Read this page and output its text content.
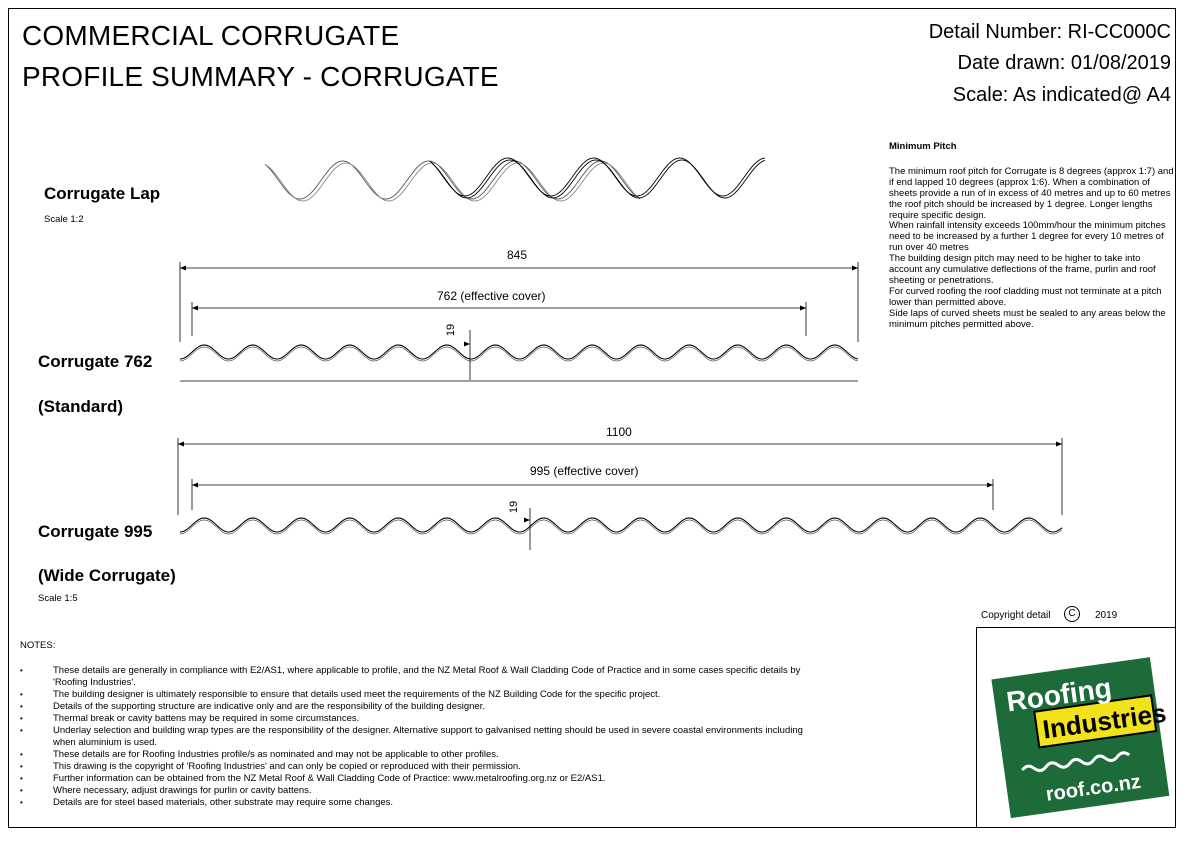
COMMERCIAL CORRUGATE
PROFILE SUMMARY - CORRUGATE
Detail Number: RI-CC000C
Date drawn: 01/08/2019
Scale: As indicated@ A4
Corrugate Lap
Scale 1:2
Corrugate 762
(Standard)
Corrugate 995
(Wide Corrugate)
Scale 1:5
845
762 (effective cover)
1100
995 (effective cover)
19
19
Minimum Pitch

The minimum roof pitch for Corrugate is 8 degrees (approx 1:7) and if end lapped 10 degrees (approx 1:6). When a combination of sheets provide a run of in excess of 40 metres and up to 60 metres the roof pitch should be increased by 1 degree. Longer lengths require specific design.

When rainfall intensity exceeds 100mm/hour the minimum pitches need to be increased by a further 1 degree for every 10 metres of run over 40 metres

The building design pitch may need to be higher to take into account any cumulative deflections of the frame, purlin and roof sheeting or penetrations.

For curved roofing the roof cladding must not terminate at a pitch lower than permitted above.

Side laps of curved sheets must be sealed to any areas below the minimum pitches permitted above.

Copyright detail	C	2019
Roofing
Industries
roof.co.nz
NOTES:
• These details are generally in compliance with E2/AS1, where applicable to profile, and the NZ Metal Roof & Wall Cladding Code of Practice and in some cases specific details by 'Roofing Industries'.
• The building designer is ultimately responsible to ensure that details used meet the requirements of the NZ Building Code for the specific project.
• Details of the supporting structure are indicative only and are the responsibility of the building designer.
• Thermal break or cavity battens may be required in some circumstances.
• Underlay selection and building wrap types are the responsibility of the designer. Alternative support to galvanised netting should be used in severe coastal environments including when aluminium is used.
• These details are for Roofing Industries profile/s as nominated and may not be applicable to other profiles.
• This drawing is the copyright of 'Roofing Industries' and can only be copied or reproduced with their permission.
• Further information can be obtained from the NZ Metal Roof & Wall Cladding Code of Practice: www.metalroofing.org.nz or E2/AS1.
• Where necessary, adjust drawings for purlin or cavity battens.
• Details are for steel based materials, other substrate may require some changes.
